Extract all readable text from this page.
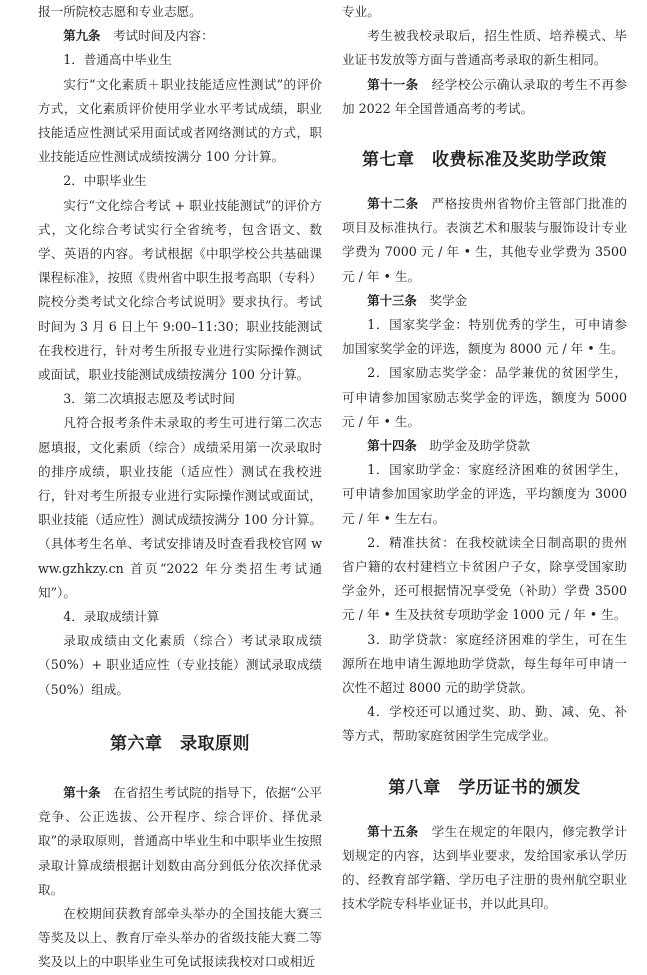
报一所院校志愿和专业志愿。

第九条　 考试时间及内容：

1．普通高中毕业生

实行“文化素质＋职业技能适应性测试”的评价方式，文化素质评价使用学业水平考试成绩，职业技能适应性测试采用面试或者网络测试的方式，职业技能适应性测试成绩按满分 100 分计算。

2．中职毕业生

实行“文化综合考试 + 职业技能测试”的评价方式，文化综合考试实行全省统考，包含语文、数学、英语的内容。考试根据《中职学校公共基础课课程标准》，按照《贵州省中职生报考高职（专科）院校分类考试文化综合考试说明》要求执行。考试时间为 3 月 6 日上午 9:00–11:30；职业技能测试在我校进行，针对考生所报专业进行实际操作测试或面试，职业技能测试成绩按满分 100 分计算。

3．第二次填报志愿及考试时间

凡符合报考条件未录取的考生可进行第二次志愿填报，文化素质（综合）成绩采用第一次录取时的排序成绩，职业技能（适应性）测试在我校进行，针对考生所报专业进行实际操作测试或面试，职业技能（适应性）测试成绩按满分 100 分计算。（具体考生名单、考试安排请及时查看我校官网 www.gzhkzy.cn 首页“2022 年分类招生考试通知”）。

4．录取成绩计算

录取成绩由文化素质（综合）考试录取成绩（50%）+ 职业适应性（专业技能）测试录取成绩（50%）组成。

第六章　录取原则

第十条　 在省招生考试院的指导下，依据“公平竞争、公正选拔、公开程序、综合评价、择优录取”的录取原则，普通高中毕业生和中职毕业生按照录取计算成绩根据计划数由高分到低分依次择优录取。

在校期间获教育部牵头举办的全国技能大赛三等奖及以上、教育厅牵头举办的省级技能大赛二等奖及以上的中职毕业生可免试报读我校对口或相近

专业。

考生被我校录取后，招生性质、培养模式、毕业证书发放等方面与普通高考录取的新生相同。

第十一条　 经学校公示确认录取的考生不再参加 2022 年全国普通高考的考试。

第七章　收费标准及奖助学政策

第十二条　 严格按贵州省物价主管部门批准的项目及标准执行。表演艺术和服装与服饰设计专业学费为 7000 元 / 年 • 生，其他专业学费为 3500 元 / 年 • 生。

第十三条　 奖学金

1．国家奖学金：特别优秀的学生，可申请参加国家奖学金的评选，额度为 8000 元 / 年 • 生。

2．国家励志奖学金：品学兼优的贫困学生，可申请参加国家励志奖学金的评选，额度为 5000 元 / 年 • 生。

第十四条　 助学金及助学贷款

1．国家助学金：家庭经济困难的贫困学生，可申请参加国家助学金的评选，平均额度为 3000 元 / 年 • 生左右。

2．精准扶贫：在我校就读全日制高职的贵州省户籍的农村建档立卡贫困户子女，除享受国家助学金外，还可根据情况享受免（补助）学费 3500 元 / 年 • 生及扶贫专项助学金 1000 元 / 年 • 生。

3．助学贷款：家庭经济困难的学生，可在生源所在地申请生源地助学贷款，每生每年可申请一次性不超过 8000 元的助学贷款。

4．学校还可以通过奖、助、勤、减、免、补等方式，帮助家庭贫困学生完成学业。

第八章　学历证书的颁发

第十五条　 学生在规定的年限内，修完教学计划规定的内容，达到毕业要求，发给国家承认学历的、经教育部学籍、学历电子注册的贵州航空职业技术学院专科毕业证书，并以此具印。
